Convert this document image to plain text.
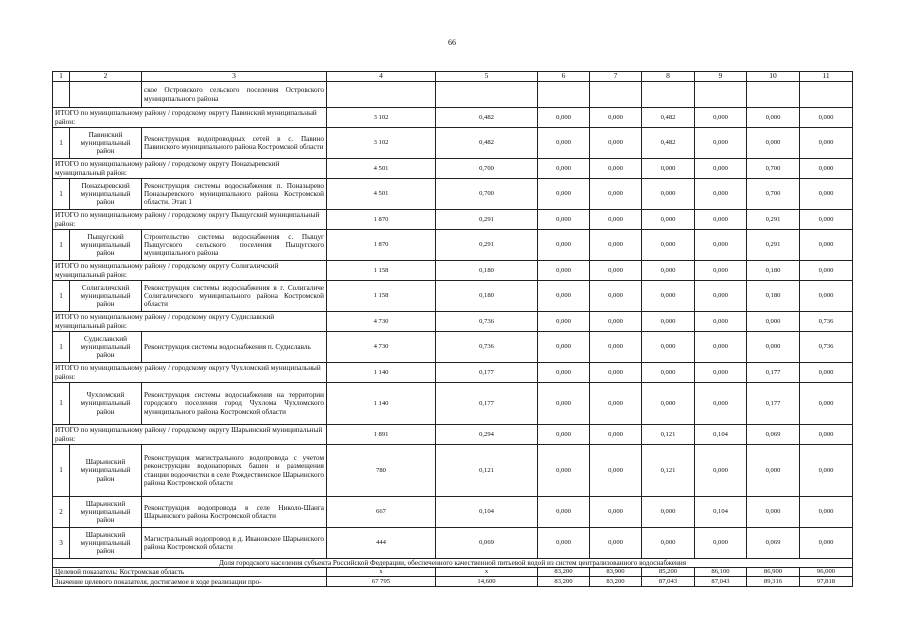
66
1	2	3	4	5	6	7	8	9	10	11
		ское Островского сельского поселения Островского муниципального района								
ИТОГО по муниципальному району / городскому округу Павинский муниципальный район:			3 102	0,482	0,000	0,000	0,482	0,000	0,000	0,000
1	Павинский муниципальный район	Реконструкция водопроводных сетей в с. Павино Павинского муниципального района Костромской области	3 102	0,482	0,000	0,000	0,482	0,000	0,000	0,000
ИТОГО по муниципальному району / городскому округу Понazыревский муниципальный район:			4 501	0,700	0,000	0,000	0,000	0,000	0,700	0,000
1	Понazыревский муниципальный район	Реконструкция системы водоснабжения п. Поназырево Поназыревского муниципального района Костромской области. Этап 1	4 501	0,700	0,000	0,000	0,000	0,000	0,700	0,000
ИТОГО по муниципальному району / городскому округу Пыщугский муниципальный район:			1 870	0,291	0,000	0,000	0,000	0,000	0,291	0,000
1	Пыщугский муниципальный район	Строительство системы водоснабжения с. Пыщуг Пыщугского сельского поселения Пыщугского муниципального района	1 870	0,291	0,000	0,000	0,000	0,000	0,291	0,000
ИТОГО по муниципальному району / городскому округу Солигаличский муниципальный район:			1 158	0,180	0,000	0,000	0,000	0,000	0,180	0,000
1	Солигаличский муниципальный район	Реконструкция системы водоснабжения в г. Солигаличе Солигаличского муниципального района Костромской области	1 158	0,180	0,000	0,000	0,000	0,000	0,180	0,000
ИТОГО по муниципальному району / городскому округу Судиславский муниципальный район:			4 730	0,736	0,000	0,000	0,000	0,000	0,000	0,736
1	Судиславский муниципальный район	Реконструкция системы водоснабжения п. Судиславль	4 730	0,736	0,000	0,000	0,000	0,000	0,000	0,736
ИТОГО по муниципальному району / городскому округу Чухломский муниципальный район:			1 140	0,177	0,000	0,000	0,000	0,000	0,177	0,000
1	Чухломский муниципальный район	Реконструкция системы водоснабжения на территории городского поселения город Чухлома Чухломского муниципального района Костромской области	1 140	0,177	0,000	0,000	0,000	0,000	0,177	0,000
ИТОГО по муниципальному району / городскому округу Шарьинский муниципальный район:			1 891	0,294	0,000	0,000	0,121	0,104	0,069	0,000
1	Шарьинский муниципальный район	Реконструкция магистрального водопровода с учетом реконструкции водонапорных башен и размещения станции водоочистки в селе Рождественское Шарьинского района Костромской области	780	0,121	0,000	0,000	0,121	0,000	0,000	0,000
2	Шарьинский муниципальный район	Реконструкция водопровода в селе Николо-Шанга Шарьинского района Костромской области	667	0,104	0,000	0,000	0,000	0,104	0,000	0,000
3	Шарьинский муниципальный район	Магистральный водопровод в д. Ивановское Шарьинского района Костромской области	444	0,069	0,000	0,000	0,000	0,000	0,069	0,000
Доля городского населения субъекта Российской Федерации, обеспеченного качественной питьевой водой из систем централизованного водоснабжения										
Целевой показатель: Костромская область			x	x	83,200	83,900	85,200	86,100	86,900	96,000
Значение целевого показателя, достигаемое в ходе реализации про-			67 795	14,600	83,200	83,200	87,043	87,043	89,316	97,818
